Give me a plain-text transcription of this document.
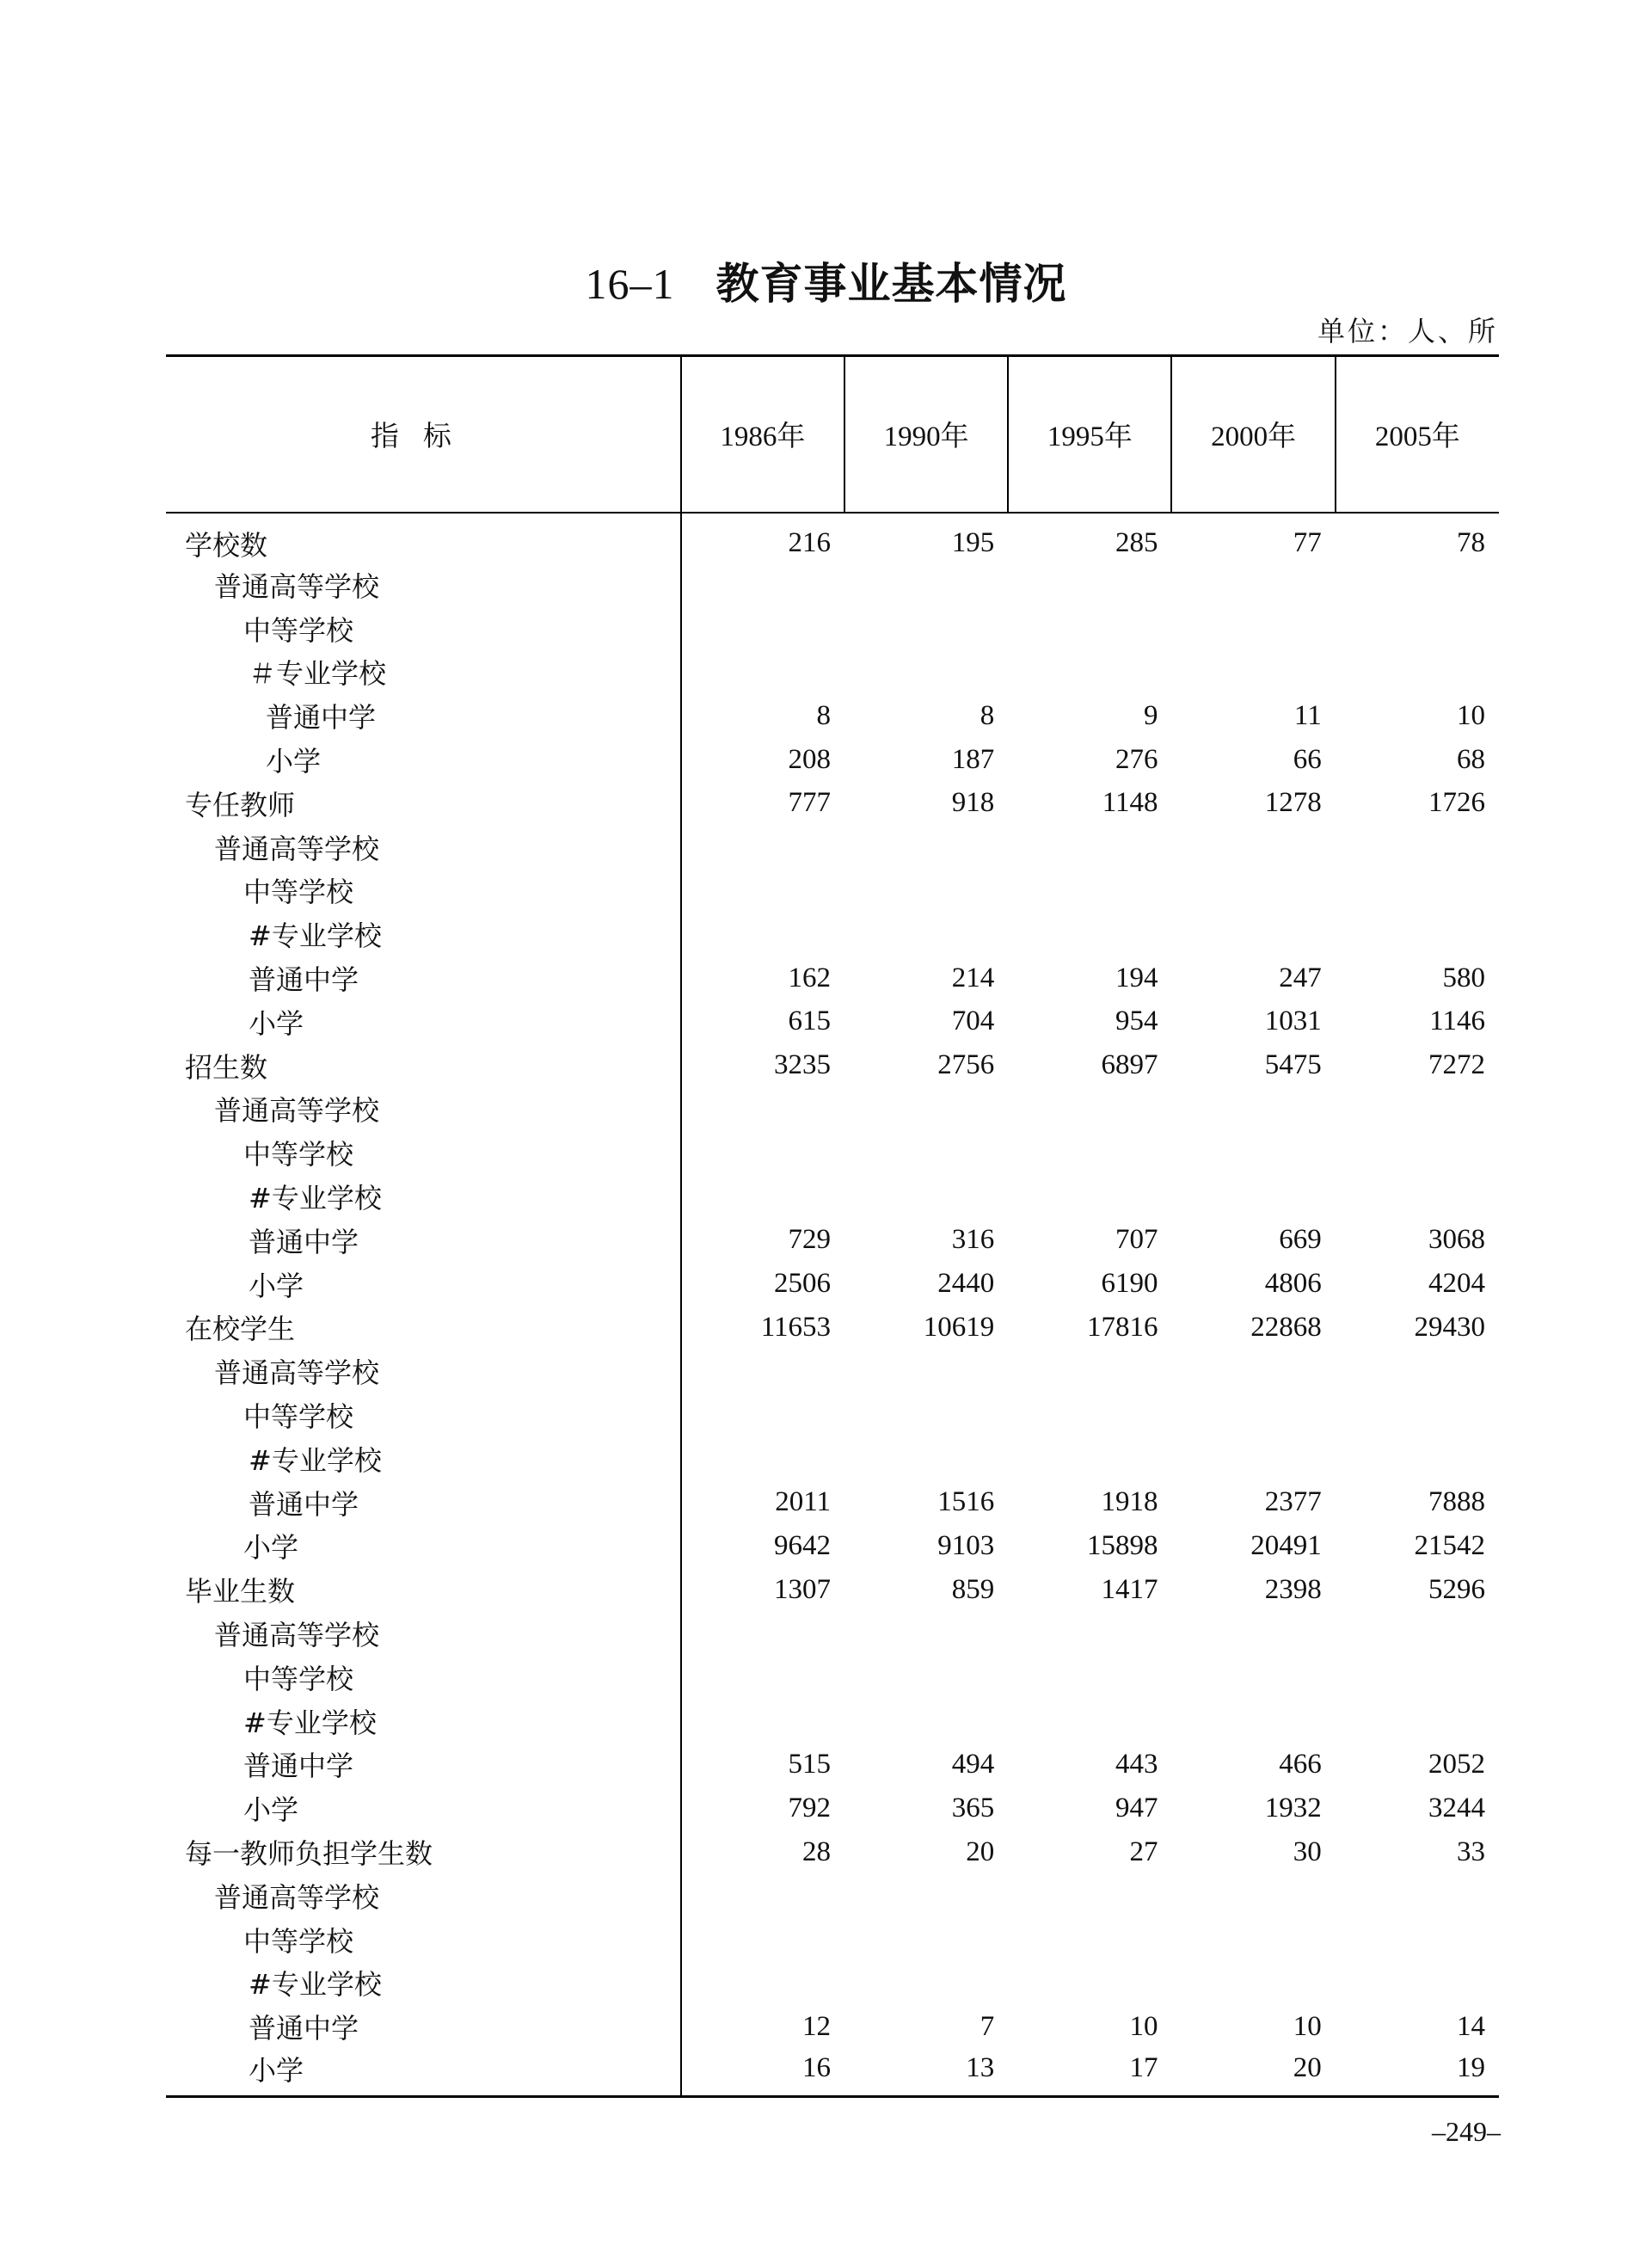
16–1 教育事业基本情况
单位：人、所
指标	1986年	1990年	1995年	2000年	2005年
学校数	216	195	285	77	78
普通高等学校					
中等学校					
＃专业学校					
普通中学	8	8	9	11	10
小学	208	187	276	66	68
专任教师	777	918	1148	1278	1726
普通高等学校					
中等学校					
#专业学校					
普通中学	162	214	194	247	580
小学	615	704	954	1031	1146
招生数	3235	2756	6897	5475	7272
普通高等学校					
中等学校					
#专业学校					
普通中学	729	316	707	669	3068
小学	2506	2440	6190	4806	4204
在校学生	11653	10619	17816	22868	29430
普通高等学校					
中等学校					
#专业学校					
普通中学	2011	1516	1918	2377	7888
小学	9642	9103	15898	20491	21542
毕业生数	1307	859	1417	2398	5296
普通高等学校					
中等学校					
#专业学校					
普通中学	515	494	443	466	2052
小学	792	365	947	1932	3244
每一教师负担学生数	28	20	27	30	33
普通高等学校					
中等学校					
#专业学校					
普通中学	12	7	10	10	14
小学	16	13	17	20	19
–249–
